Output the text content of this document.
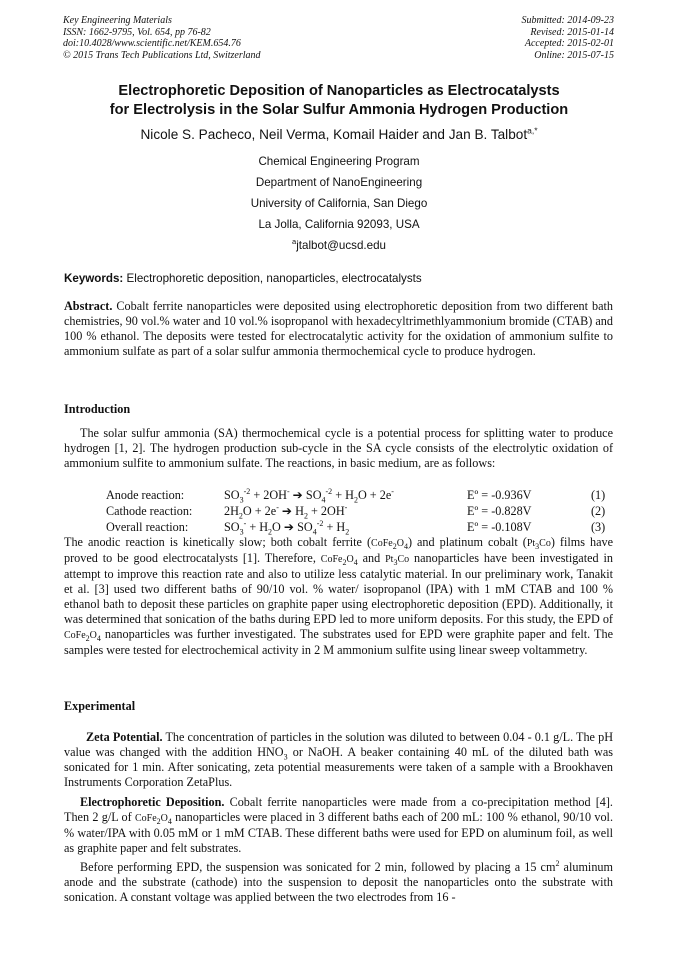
Key Engineering Materials
ISSN: 1662-9795, Vol. 654, pp 76-82
doi:10.4028/www.scientific.net/KEM.654.76
© 2015 Trans Tech Publications Ltd, Switzerland
Submitted: 2014-09-23
Revised: 2015-01-14
Accepted: 2015-02-01
Online: 2015-07-15
Electrophoretic Deposition of Nanoparticles as Electrocatalysts
for Electrolysis in the Solar Sulfur Ammonia Hydrogen Production
Nicole S. Pacheco, Neil Verma, Komail Haider and Jan B. Talbot$^{a,*}$
Chemical Engineering Program
Department of NanoEngineering
University of California, San Diego
La Jolla, California 92093, USA
$^a$jtalbot@ucsd.edu
Keywords: Electrophoretic deposition, nanoparticles, electrocatalysts
Abstract. Cobalt ferrite nanoparticles were deposited using electrophoretic deposition from two different bath chemistries, 90 vol.% water and 10 vol.% isopropanol with hexadecyltrimethlyammonium bromide (CTAB) and 100 % ethanol. The deposits were tested for electrocatalytic activity for the oxidation of ammonium sulfite to ammonium sulfate as part of a solar sulfur ammonia thermochemical cycle to produce hydrogen.
Introduction
The solar sulfur ammonia (SA) thermochemical cycle is a potential process for splitting water to produce hydrogen [1, 2]. The hydrogen production sub-cycle in the SA cycle consists of the electrolytic oxidation of ammonium sulfite to ammonium sulfate. The reactions, in basic medium, are as follows:
Anode reaction:	$SO_3^{-2} + 2OH^-$ ➔ $SO_4^{-2} + H_2O + 2e^-$	Eº = -0.936V	(1)
Cathode reaction:	$2H_2O + 2e^-$ ➔ $H_2 + 2OH^-$	Eº = -0.828V	(2)
Overall reaction:	$SO_3^- + H_2O$ ➔ $SO_4^{-2} + H_2$	Eº = -0.108V	(3)
The anodic reaction is kinetically slow; both cobalt ferrite $(CoFe_2O_4)$ and platinum cobalt $(Pt_3Co)$ films have proved to be good electrocatalysts [1]. Therefore, $CoFe_2O_4$ and $Pt_3Co$ nanoparticles have been investigated in attempt to improve this reaction rate and also to utilize less catalytic material. In our preliminary work, Tanakit et al. [3] used two different baths of 90/10 vol. % water/ isopropanol (IPA) with 1 mM CTAB and 100 % ethanol bath to deposit these particles on graphite paper using electrophoretic deposition (EPD). Additionally, it was determined that sonication of the baths during EPD led to more uniform deposits. For this study, the EPD of $CoFe_2O_4$ nanoparticles was further investigated. The substrates used for EPD were graphite paper and felt. The samples were tested for electrochemical activity in 2 M ammonium sulfite using linear sweep voltammetry.
Experimental
Zeta Potential. The concentration of particles in the solution was diluted to between 0.04 - 0.1 g/L. The pH value was changed with the addition $HNO_3$ or NaOH. A beaker containing 40 mL of the diluted bath was sonicated for 1 min. After sonicating, zeta potential measurements were taken of a sample with a Brookhaven Instruments Corporation ZetaPlus.
Electrophoretic Deposition. Cobalt ferrite nanoparticles were made from a co-precipitation method [4]. Then 2 g/L of $CoFe_2O_4$ nanoparticles were placed in 3 different baths each of 200 mL: 100 % ethanol, 90/10 vol. % water/IPA with 0.05 mM or 1 mM CTAB. These different baths were used for EPD on aluminum foil, as well as graphite paper and felt substrates.
Before performing EPD, the suspension was sonicated for 2 min, followed by placing a 15 $cm^2$ aluminum anode and the substrate (cathode) into the suspension to deposit the nanoparticles onto the substrate with sonication. A constant voltage was applied between the two electrodes from 16 -
